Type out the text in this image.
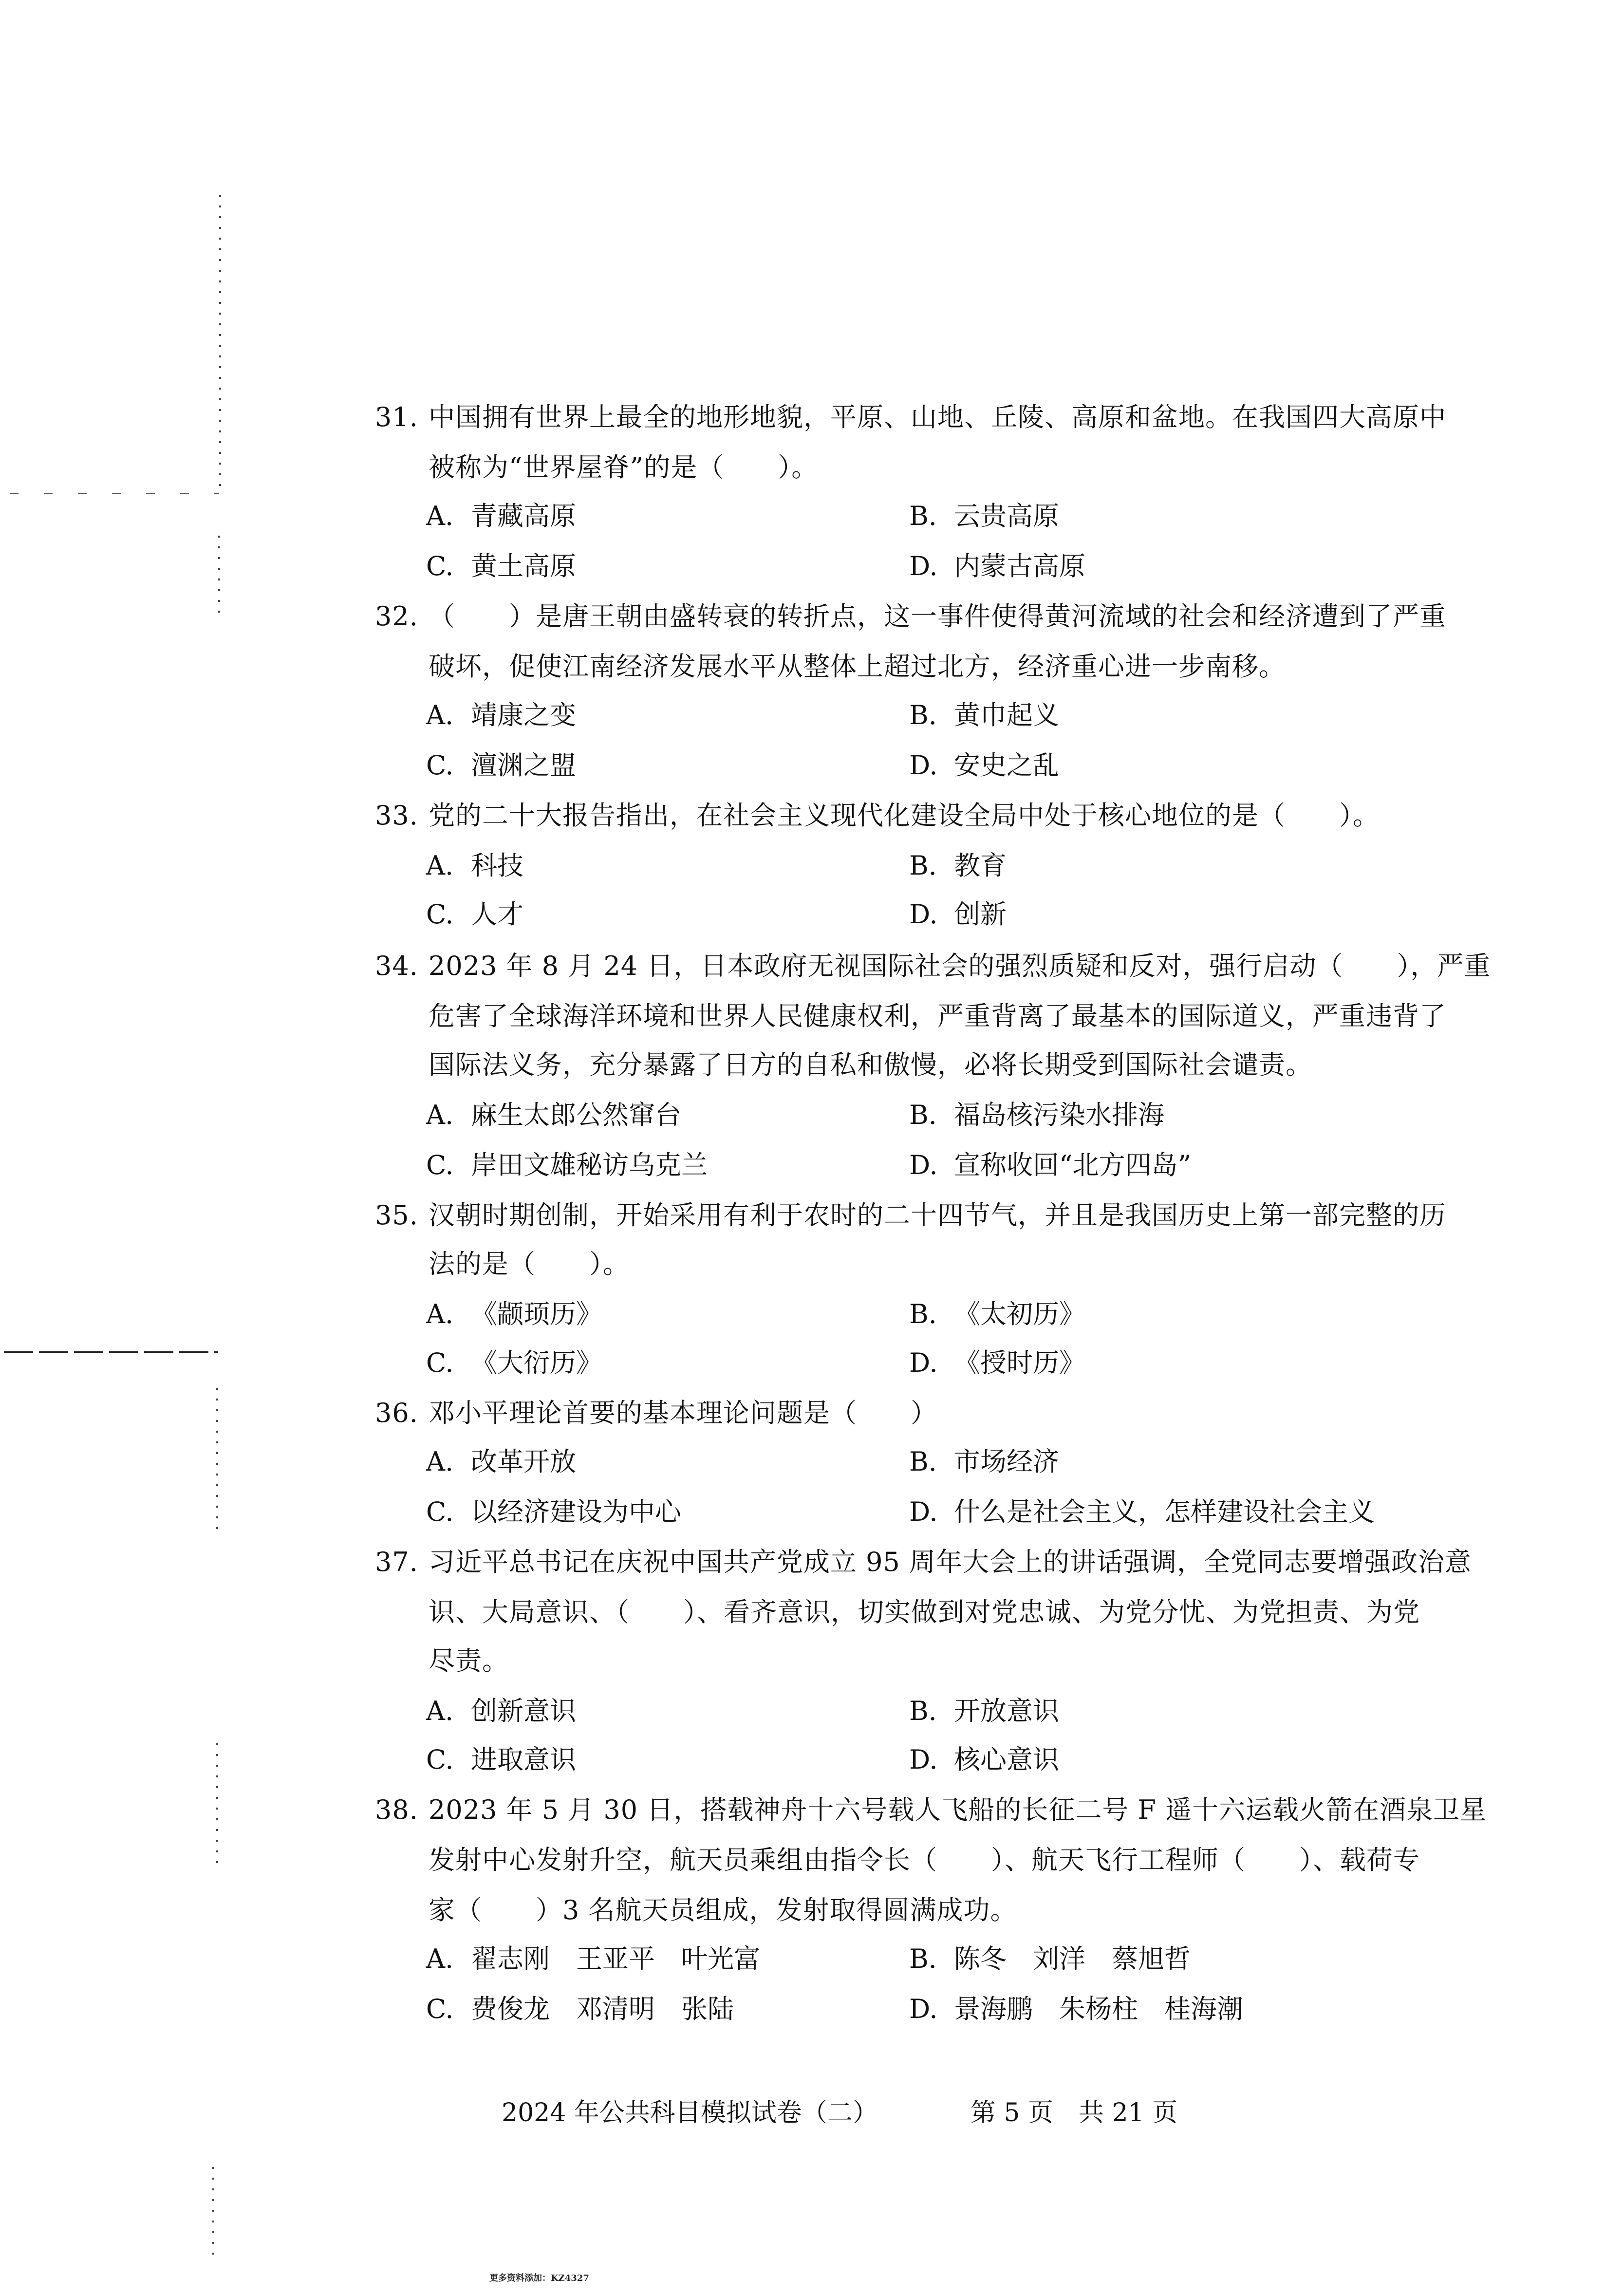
31. 中国拥有世界上最全的地形地貌，平原、山地、丘陵、高原和盆地。在我国四大高原中
被称为“世界屋脊”的是（　　）。
A. 青藏高原	B. 云贵高原
C. 黄土高原	D. 内蒙古高原
32. （　　）是唐王朝由盛转衰的转折点，这一事件使得黄河流域的社会和经济遭到了严重
破坏，促使江南经济发展水平从整体上超过北方，经济重心进一步南移。
A. 靖康之变	B. 黄巾起义
C. 澶渊之盟	D. 安史之乱
33. 党的二十大报告指出，在社会主义现代化建设全局中处于核心地位的是（　　）。
A. 科技	B. 教育
C. 人才	D. 创新
34. 2023 年 8 月 24 日，日本政府无视国际社会的强烈质疑和反对，强行启动（　　），严重
危害了全球海洋环境和世界人民健康权利，严重背离了最基本的国际道义，严重违背了
国际法义务，充分暴露了日方的自私和傲慢，必将长期受到国际社会谴责。
A. 麻生太郎公然窜台	B. 福岛核污染水排海
C. 岸田文雄秘访乌克兰	D. 宣称收回“北方四岛”
35. 汉朝时期创制，开始采用有利于农时的二十四节气，并且是我国历史上第一部完整的历
法的是（　　）。
A. 《颛顼历》	B. 《太初历》
C. 《大衍历》	D. 《授时历》
36. 邓小平理论首要的基本理论问题是（　　）
A. 改革开放	B. 市场经济
C. 以经济建设为中心	D. 什么是社会主义，怎样建设社会主义
37. 习近平总书记在庆祝中国共产党成立 95 周年大会上的讲话强调，全党同志要增强政治意
识、大局意识、（　　）、看齐意识，切实做到对党忠诚、为党分忧、为党担责、为党
尽责。
A. 创新意识	B. 开放意识
C. 进取意识	D. 核心意识
38. 2023 年 5 月 30 日，搭载神舟十六号载人飞船的长征二号 F 遥十六运载火箭在酒泉卫星
发射中心发射升空，航天员乘组由指令长（　　）、航天飞行工程师（　　）、载荷专
家（　　）3 名航天员组成，发射取得圆满成功。
A. 翟志刚　王亚平　叶光富	B. 陈冬　刘洋　蔡旭哲
C. 费俊龙　邓清明　张陆	D. 景海鹏　朱杨柱　桂海潮
2024 年公共科目模拟试卷（二）	第 5 页　共 21 页
更多资料添加：KZ4327
